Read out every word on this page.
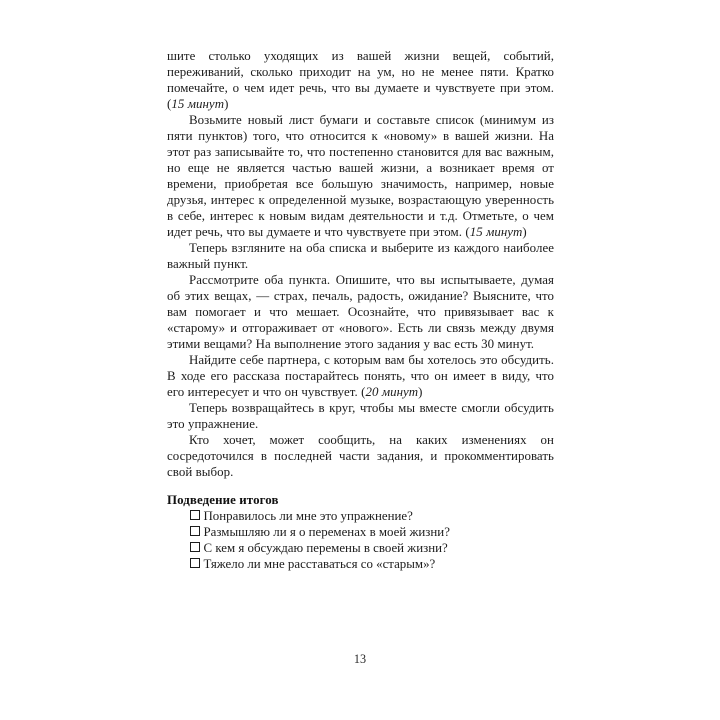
шите столько уходящих из вашей жизни вещей, событий, переживаний, сколько приходит на ум, но не менее пяти. Кратко помечайте, о чем идет речь, что вы думаете и чувствуете при этом. (15 минут)

Возьмите новый лист бумаги и составьте список (минимум из пяти пунктов) того, что относится к «новому» в вашей жизни. На этот раз записывайте то, что постепенно становится для вас важным, но еще не является частью вашей жизни, а возникает время от времени, приобретая все большую значимость, например, новые друзья, интерес к определенной музыке, возрастающую уверенность в себе, интерес к новым видам деятельности и т.д. Отметьте, о чем идет речь, что вы думаете и что чувствуете при этом. (15 минут)

Теперь взгляните на оба списка и выберите из каждого наиболее важный пункт.

Рассмотрите оба пункта. Опишите, что вы испытываете, думая об этих вещах, — страх, печаль, радость, ожидание? Выясните, что вам помогает и что мешает. Осознайте, что привязывает вас к «старому» и отгораживает от «нового». Есть ли связь между двумя этими вещами? На выполнение этого задания у вас есть 30 минут.

Найдите себе партнера, с которым вам бы хотелось это обсудить. В ходе его рассказа постарайтесь понять, что он имеет в виду, что его интересует и что он чувствует. (20 минут)

Теперь возвращайтесь в круг, чтобы мы вместе смогли обсудить это упражнение.

Кто хочет, может сообщить, на каких изменениях он сосредоточился в последней части задания, и прокомментировать свой выбор.

Подведение итогов

Понравилось ли мне это упражнение?
Размышляю ли я о переменах в моей жизни?
С кем я обсуждаю перемены в своей жизни?
Тяжело ли мне расставаться со «старым»?
13
